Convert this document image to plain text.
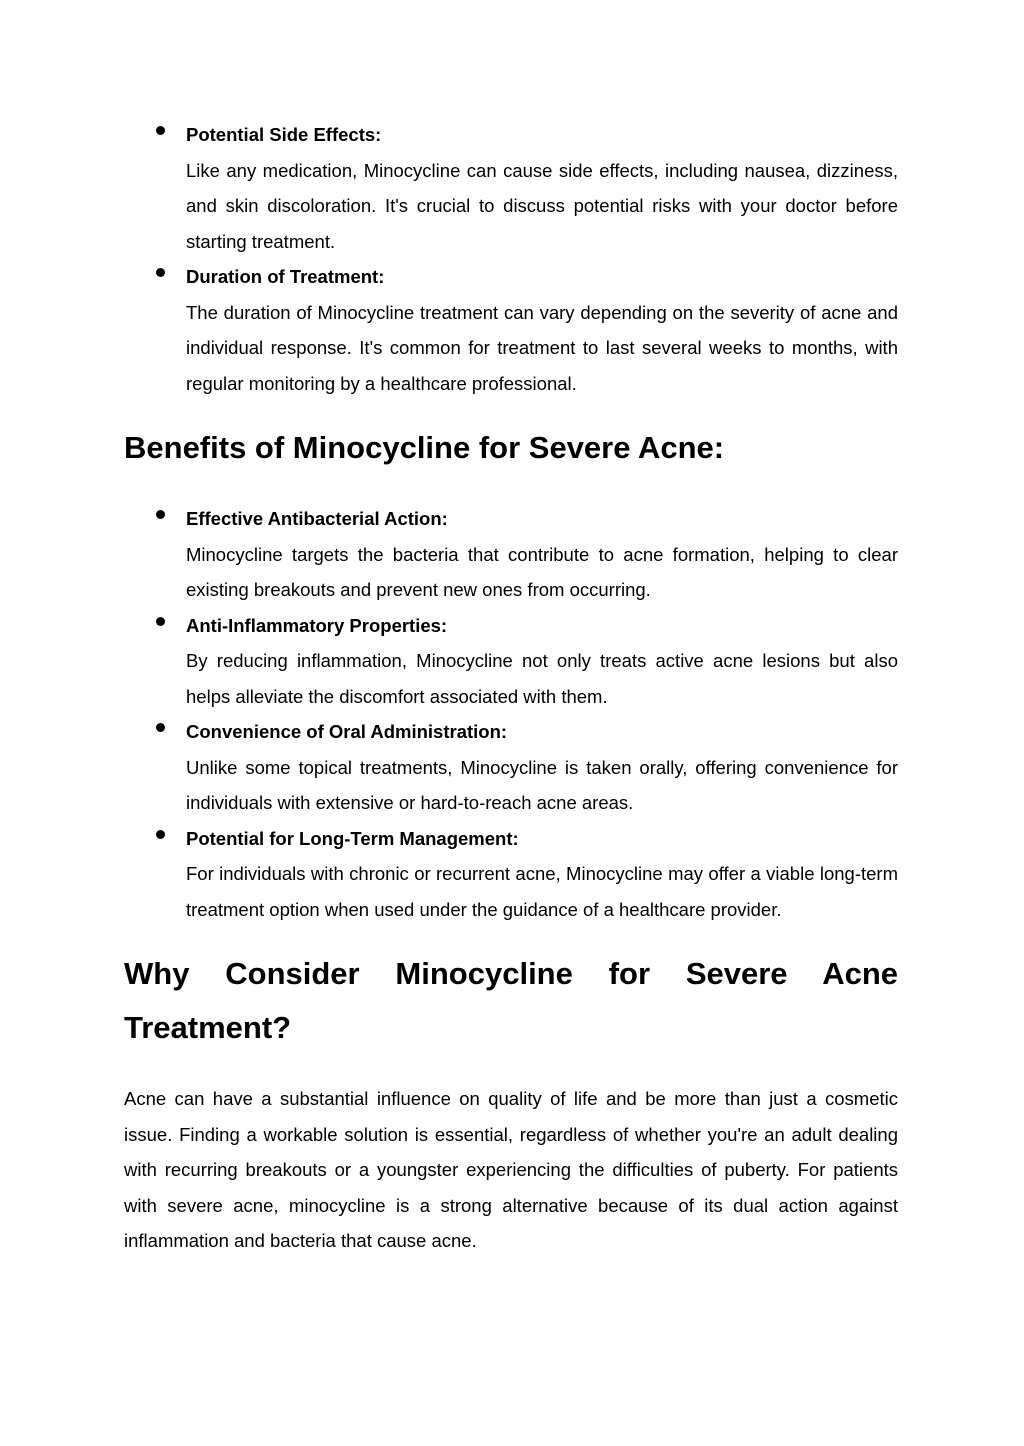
Potential Side Effects:

Like any medication, Minocycline can cause side effects, including nausea, dizziness, and skin discoloration. It's crucial to discuss potential risks with your doctor before starting treatment.

Duration of Treatment:

The duration of Minocycline treatment can vary depending on the severity of acne and individual response. It's common for treatment to last several weeks to months, with regular monitoring by a healthcare professional.

Benefits of Minocycline for Severe Acne:

Effective Antibacterial Action:

Minocycline targets the bacteria that contribute to acne formation, helping to clear existing breakouts and prevent new ones from occurring.

Anti-Inflammatory Properties:

By reducing inflammation, Minocycline not only treats active acne lesions but also helps alleviate the discomfort associated with them.

Convenience of Oral Administration:

Unlike some topical treatments, Minocycline is taken orally, offering convenience for individuals with extensive or hard-to-reach acne areas.

Potential for Long-Term Management:

For individuals with chronic or recurrent acne, Minocycline may offer a viable long-term treatment option when used under the guidance of a healthcare provider.

Why Consider Minocycline for Severe Acne Treatment?

Acne can have a substantial influence on quality of life and be more than just a cosmetic issue. Finding a workable solution is essential, regardless of whether you're an adult dealing with recurring breakouts or a youngster experiencing the difficulties of puberty. For patients with severe acne, minocycline is a strong alternative because of its dual action against inflammation and bacteria that cause acne.
